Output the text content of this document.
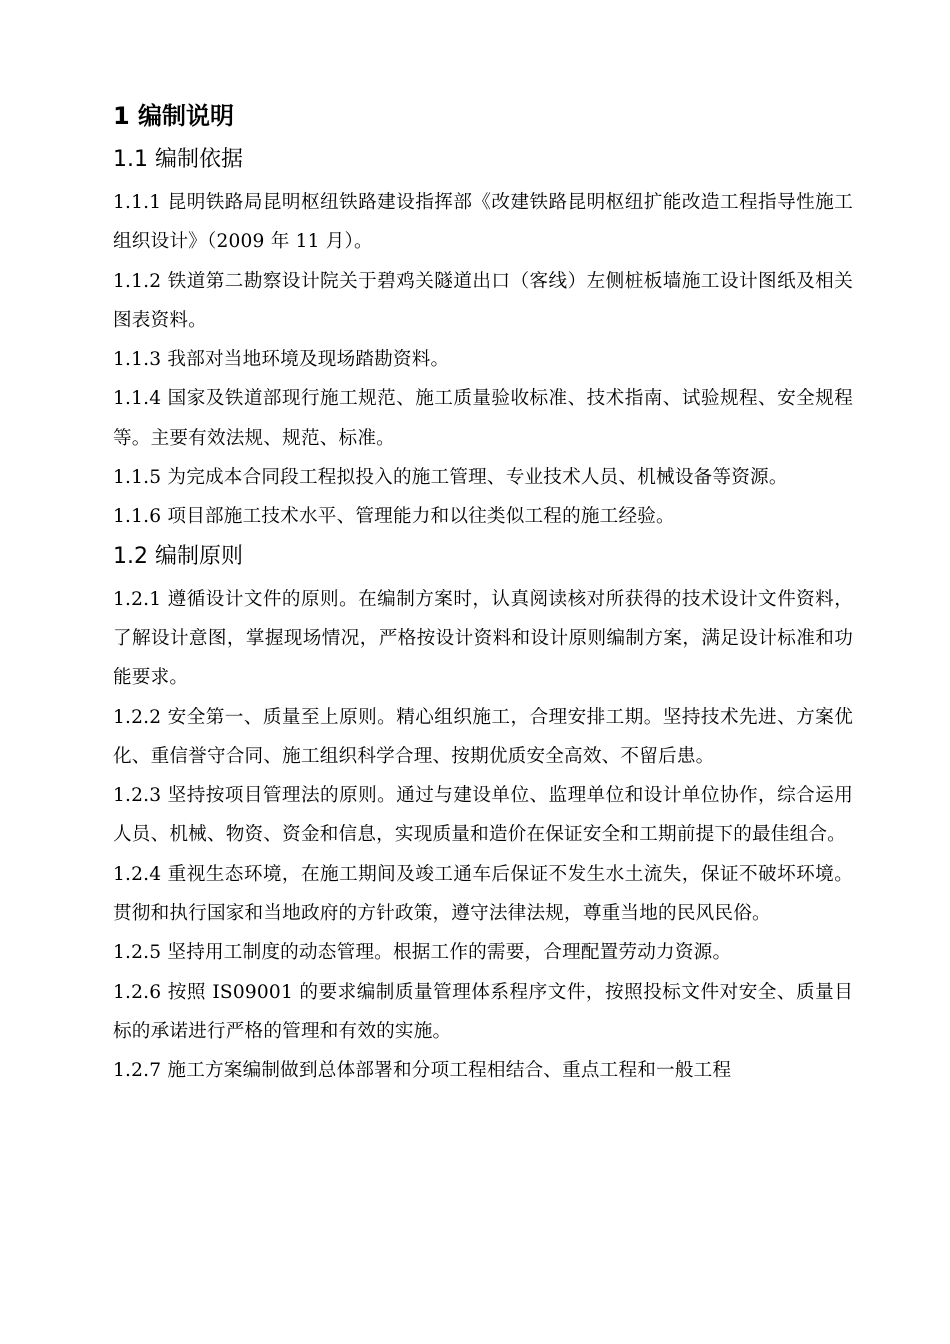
1 编制说明
1.1 编制依据

1.1.1 昆明铁路局昆明枢纽铁路建设指挥部《改建铁路昆明枢纽扩能改造工程指导性施工组织设计》（2009 年 11 月）。

1.1.2 铁道第二勘察设计院关于碧鸡关隧道出口（客线）左侧桩板墙施工设计图纸及相关图表资料。

1.1.3 我部对当地环境及现场踏勘资料。

1.1.4 国家及铁道部现行施工规范、施工质量验收标准、技术指南、试验规程、安全规程等。主要有效法规、规范、标准。

1.1.5 为完成本合同段工程拟投入的施工管理、专业技术人员、机械设备等资源。

1.1.6 项目部施工技术水平、管理能力和以往类似工程的施工经验。

1.2 编制原则

1.2.1 遵循设计文件的原则。在编制方案时，认真阅读核对所获得的技术设计文件资料，了解设计意图，掌握现场情况，严格按设计资料和设计原则编制方案，满足设计标准和功能要求。

1.2.2 安全第一、质量至上原则。精心组织施工，合理安排工期。坚持技术先进、方案优化、重信誉守合同、施工组织科学合理、按期优质安全高效、不留后患。

1.2.3 坚持按项目管理法的原则。通过与建设单位、监理单位和设计单位协作，综合运用人员、机械、物资、资金和信息，实现质量和造价在保证安全和工期前提下的最佳组合。

1.2.4 重视生态环境，在施工期间及竣工通车后保证不发生水土流失，保证不破坏环境。贯彻和执行国家和当地政府的方针政策，遵守法律法规，尊重当地的民风民俗。

1.2.5 坚持用工制度的动态管理。根据工作的需要，合理配置劳动力资源。

1.2.6 按照 IS09001 的要求编制质量管理体系程序文件，按照投标文件对安全、质量目标的承诺进行严格的管理和有效的实施。

1.2.7 施工方案编制做到总体部署和分项工程相结合、重点工程和一般工程
